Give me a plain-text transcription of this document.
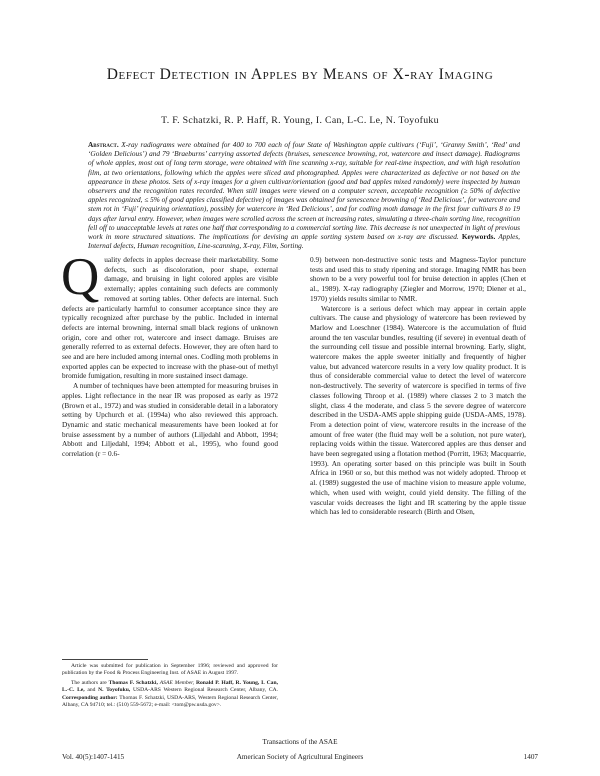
Defect Detection in Apples by Means of X-ray Imaging
T. F. Schatzki, R. P. Haff, R. Young, I. Can, L-C. Le, N. Toyofuku
Abstract. X-ray radiograms were obtained for 400 to 700 each of four State of Washington apple cultivars (‘Fuji’, ‘Granny Smith’, ‘Red’ and ‘Golden Delicious’) and 79 ‘Braeburns’ carrying assorted defects (bruises, senescence browning, rot, watercore and insect damage). Radiograms of whole apples, most out of long term storage, were obtained with line scanning x-ray, suitable for real-time inspection, and with high resolution film, at two orientations, following which the apples were sliced and photographed. Apples were characterized as defective or not based on the appearance in these photos. Sets of x-ray images for a given cultivar/orientation (good and bad apples mixed randomly) were inspected by human observers and the recognition rates recorded. When still images were viewed on a computer screen, acceptable recognition (≥ 50% of defective apples recognized, ≤ 5% of good apples classified defective) of images was obtained for senescence browning of ‘Red Delicious’, for watercore and stem rot in ‘Fuji’ (requiring orientation), possibly for watercore in ‘Red Delicious’, and for codling moth damage in the first four cultivars 8 to 19 days after larval entry. However, when images were scrolled across the screen at increasing rates, simulating a three-chain sorting line, recognition fell off to unacceptable levels at rates one half that corresponding to a commercial sorting line. This decrease is not unexpected in light of previous work in more structured situations. The implications for devising an apple sorting system based on x-ray are discussed. Keywords. Apples, Internal defects, Human recognition, Line-scanning, X-ray, Film, Sorting.

Quality defects in apples decrease their marketability. Some defects, such as discoloration, poor shape, external damage, and bruising in light colored apples are visible externally; apples containing such defects are commonly removed at sorting tables. Other defects are internal. Such defects are particularly harmful to consumer acceptance since they are typically recognized after purchase by the public. Included in internal defects are internal browning, internal small black regions of unknown origin, core and other rot, watercore and insect damage. Bruises are generally referred to as external defects. However, they are often hard to see and are here included among internal ones. Codling moth problems in exported apples can be expected to increase with the phase-out of methyl bromide fumigation, resulting in more sustained insect damage.

A number of techniques have been attempted for measuring bruises in apples. Light reflectance in the near IR was proposed as early as 1972 (Brown et al., 1972) and was studied in considerable detail in a laboratory setting by Upchurch et al. (1994a) who also reviewed this approach. Dynamic and static mechanical measurements have been looked at for bruise assessment by a number of authors (Liljedahl and Abbott, 1994; Abbott and Liljedahl, 1994; Abbott et al., 1995), who found good correlation (r = 0.6-

Article was submitted for publication in September 1996; reviewed and approved for publication by the Food & Process Engineering Inst. of ASAE in August 1997.

The authors are Thomas F. Schatzki, ASAE Member, Ronald P. Haff, R. Young, I. Can, L.-C. Le, and N. Toyofuku, USDA-ARS Western Regional Research Center, Albany, CA. Corresponding author: Thomas F. Schatzki, USDA-ARS, Western Regional Research Center, Albany, CA 94710; tel.: (510) 559-5672; e-mail: <tom@pw.usda.gov>.

0.9) between non-destructive sonic tests and Magness-Taylor puncture tests and used this to study ripening and storage. Imaging NMR has been shown to be a very powerful tool for bruise detection in apples (Chen et al., 1989). X-ray radiography (Ziegler and Morrow, 1970; Diener et al., 1970) yields results similar to NMR.

Watercore is a serious defect which may appear in certain apple cultivars. The cause and physiology of watercore has been reviewed by Marlow and Loeschner (1984). Watercore is the accumulation of fluid around the ten vascular bundles, resulting (if severe) in eventual death of the surrounding cell tissue and possible internal browning. Early, slight, watercore makes the apple sweeter initially and frequently of higher value, but advanced watercore results in a very low quality product. It is thus of considerable commercial value to detect the level of watercore non-destructively. The severity of watercore is specified in terms of five classes following Throop et al. (1989) where classes 2 to 3 match the slight, class 4 the moderate, and class 5 the severe degree of watercore described in the USDA-AMS apple shipping guide (USDA-AMS, 1978). From a detection point of view, watercore results in the increase of the amount of free water (the fluid may well be a solution, not pure water), replacing voids within the tissue. Watercored apples are thus denser and have been segregated using a flotation method (Porritt, 1963; Macquarrie, 1993). An operating sorter based on this principle was built in South Africa in 1960 or so, but this method was not widely adopted. Throop et al. (1989) suggested the use of machine vision to measure apple volume, which, when used with weight, could yield density. The filling of the vascular voids decreases the light and IR scattering by the apple tissue which has led to considerable research (Birth and Olsen,

Transactions of the ASAE
Vol. 40(5):1407-1415	American Society of Agricultural Engineers	1407
